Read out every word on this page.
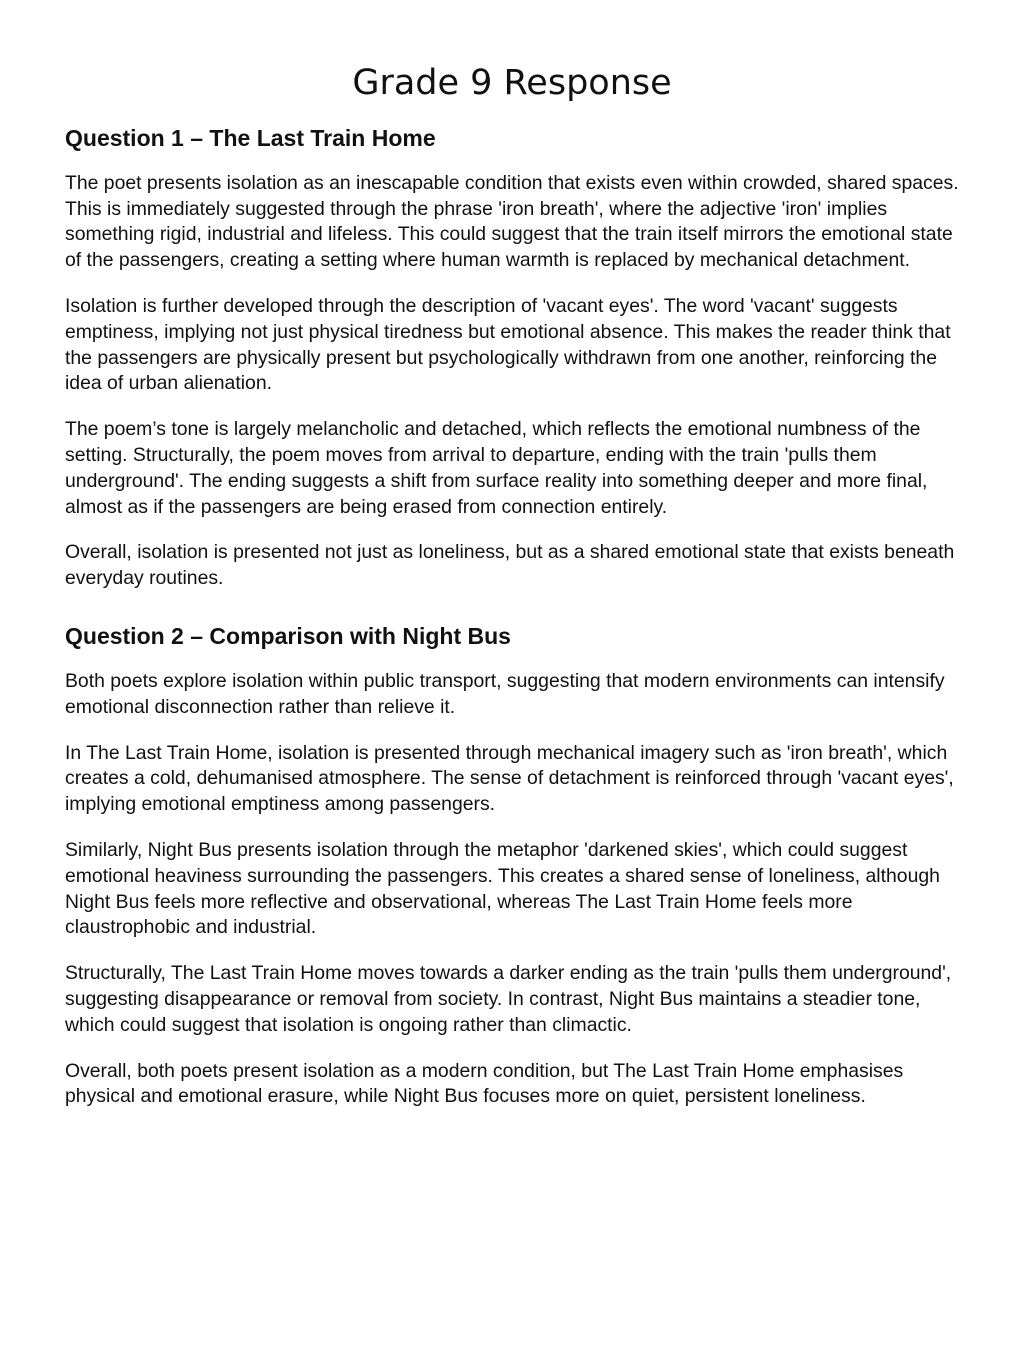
Grade 9 Response
Question 1 – The Last Train Home

The poet presents isolation as an inescapable condition that exists even within crowded, shared spaces. This is immediately suggested through the phrase 'iron breath', where the adjective 'iron' implies something rigid, industrial and lifeless. This could suggest that the train itself mirrors the emotional state of the passengers, creating a setting where human warmth is replaced by mechanical detachment.

Isolation is further developed through the description of 'vacant eyes'. The word 'vacant' suggests emptiness, implying not just physical tiredness but emotional absence. This makes the reader think that the passengers are physically present but psychologically withdrawn from one another, reinforcing the idea of urban alienation.

The poem’s tone is largely melancholic and detached, which reflects the emotional numbness of the setting. Structurally, the poem moves from arrival to departure, ending with the train 'pulls them underground'. The ending suggests a shift from surface reality into something deeper and more final, almost as if the passengers are being erased from connection entirely.

Overall, isolation is presented not just as loneliness, but as a shared emotional state that exists beneath everyday routines.

Question 2 – Comparison with Night Bus

Both poets explore isolation within public transport, suggesting that modern environments can intensify emotional disconnection rather than relieve it.

In The Last Train Home, isolation is presented through mechanical imagery such as 'iron breath', which creates a cold, dehumanised atmosphere. The sense of detachment is reinforced through 'vacant eyes', implying emotional emptiness among passengers.

Similarly, Night Bus presents isolation through the metaphor 'darkened skies', which could suggest emotional heaviness surrounding the passengers. This creates a shared sense of loneliness, although Night Bus feels more reflective and observational, whereas The Last Train Home feels more claustrophobic and industrial.

Structurally, The Last Train Home moves towards a darker ending as the train 'pulls them underground', suggesting disappearance or removal from society. In contrast, Night Bus maintains a steadier tone, which could suggest that isolation is ongoing rather than climactic.

Overall, both poets present isolation as a modern condition, but The Last Train Home emphasises physical and emotional erasure, while Night Bus focuses more on quiet, persistent loneliness.
